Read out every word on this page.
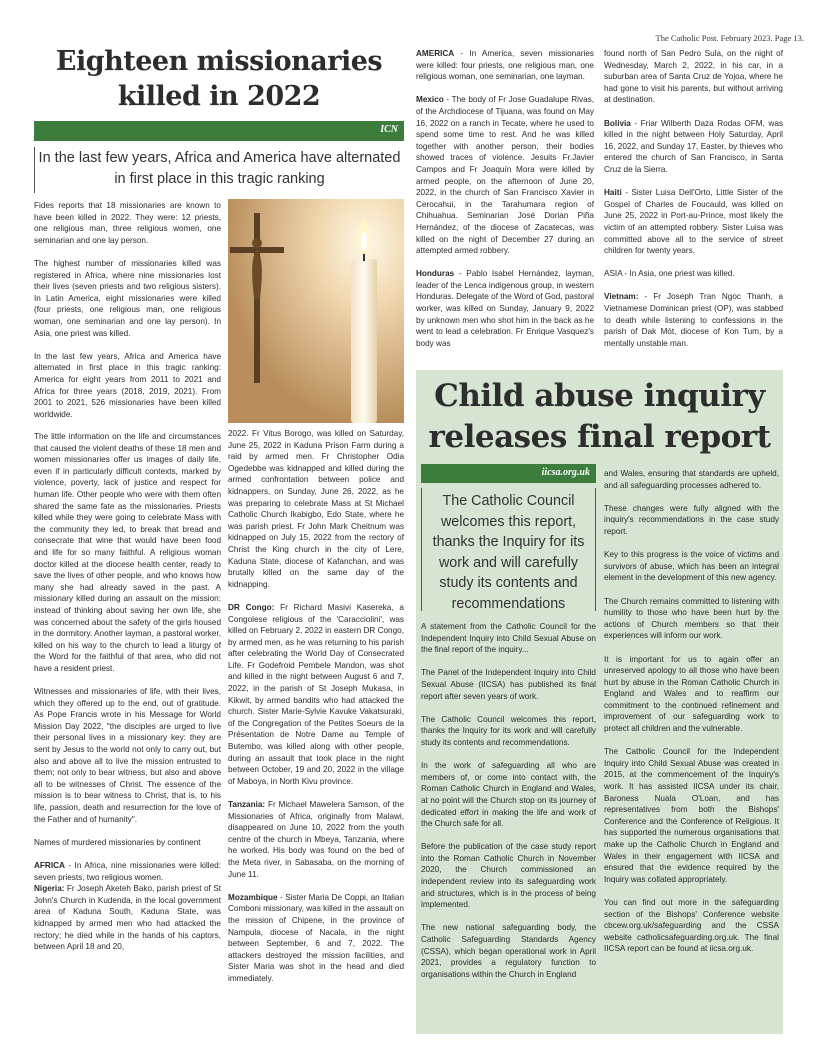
The Catholic Post. February 2023. Page 13.
Eighteen missionaries killed in 2022
ICN
In the last few years, Africa and America have alternated in first place in this tragic ranking

Fides reports that 18 missionaries are known to have been killed in 2022. They were: 12 priests, one religious man, three religious women, one seminarian and one lay person.

The highest number of missionaries killed was registered in Africa, where nine missionaries lost their lives (seven priests and two religious sisters). In Latin America, eight missionaries were killed (four priests, one religious man, one religious woman, one seminarian and one lay person). In Asia, one priest was killed.

In the last few years, Africa and America have alternated in first place in this tragic ranking: America for eight years from 2011 to 2021 and Africa for three years (2018, 2019, 2021). From 2001 to 2021, 526 missionaries have been killed worldwide.

The little information on the life and circumstances that caused the violent deaths of these 18 men and women missionaries offer us images of daily life, even if in particularly difficult contexts, marked by violence, poverty, lack of justice and respect for human life. Other people who were with them often shared the same fate as the missionaries. Priests killed while they were going to celebrate Mass with the community they led, to break that bread and consecrate that wine that would have been food and life for so many faithful. A religious woman doctor killed at the diocese health center, ready to save the lives of other people, and who knows how many she had already saved in the past. A missionary killed during an assault on the mission: instead of thinking about saving her own life, she was concerned about the safety of the girls housed in the dormitory. Another layman, a pastoral worker, killed on his way to the church to lead a liturgy of the Word for the faithful of that area, who did not have a resident priest.

Witnesses and missionaries of life, with their lives, which they offered up to the end, out of gratitude. As Pope Francis wrote in his Message for World Mission Day 2022, "the disciples are urged to live their personal lives in a missionary key: they are sent by Jesus to the world not only to carry out, but also and above all to live the mission entrusted to them; not only to bear witness, but also and above all to be witnesses of Christ. The essence of the mission is to bear witness to Christ, that is, to his life, passion, death and resurrection for the love of the Father and of humanity".

Names of murdered missionaries by continent

AFRICA - In Africa, nine missionaries were killed: seven priests, two religious women.

Nigeria: Fr Joseph Aketeh Bako, parish priest of St John's Church in Kudenda, in the local government area of Kaduna South, Kaduna State, was kidnapped by armed men who had attacked the rectory; he died while in the hands of his captors, between April 18 and 20,

2022. Fr Vitus Borogo, was killed on Saturday, June 25, 2022 in Kaduna Prison Farm during a raid by armed men. Fr Christopher Odia Ogedebbe was kidnapped and killed during the armed confrontation between police and kidnappers, on Sunday, June 26, 2022, as he was preparing to celebrate Mass at St Michael Catholic Church Ikabigbo, Edo State, where he was parish priest. Fr John Mark Cheitnum was kidnapped on July 15, 2022 from the rectory of Christ the King church in the city of Lere, Kaduna State, diocese of Kafanchan, and was brutally killed on the same day of the kidnapping.

DR Congo: Fr Richard Masivi Kasereka, a Congolese religious of the 'Caracciolini', was killed on February 2, 2022 in eastern DR Congo, by armed men, as he was returning to his parish after celebrating the World Day of Consecrated Life. Fr Godefroid Pembele Mandon, was shot and killed in the night between August 6 and 7, 2022, in the parish of St Joseph Mukasa, in Kikwit, by armed bandits who had attacked the church. Sister Marie-Sylvie Kavuke Vakatsuraki, of the Congregation of the Petites Soeurs de la Présentation de Notre Dame au Temple of Butembo, was killed along with other people, during an assault that took place in the night between October, 19 and 20, 2022 in the village of Maboya, in North Kivu province.

Tanzania: Fr Michael Mawelera Samson, of the Missionaries of Africa, originally from Malawi, disappeared on June 10, 2022 from the youth centre of the church in Mbeya, Tanzania, where he worked. His body was found on the bed of the Meta river, in Sabasaba, on the morning of June 11.

Mozambique - Sister Maria De Coppi, an Italian Comboni missionary, was killed in the assault on the mission of Chipene, in the province of Nampula, diocese of Nacala, in the night between September, 6 and 7, 2022. The attackers destroyed the mission facilities, and Sister Maria was shot in the head and died immediately.

AMERICA - In America, seven missionaries were killed: four priests, one religious man, one religious woman, one seminarian, one layman.

Mexico - The body of Fr Jose Guadalupe Rivas, of the Archdiocese of Tijuana, was found on May 16, 2022 on a ranch in Tecate, where he used to spend some time to rest. And he was killed together with another person, their bodies showed traces of violence. Jesuits Fr.Javier Campos and Fr Joaquín Mora were killed by armed people, on the afternoon of June 20, 2022, in the church of San Francisco Xavier in Cerocahui, in the Tarahumara region of Chihuahua. Seminarian José Dorian Piña Hernández, of the diocese of Zacatecas, was killed on the night of December 27 during an attempted armed robbery.

Honduras - Pablo Isabel Hernández, layman, leader of the Lenca indigenous group, in western Honduras. Delegate of the Word of God, pastoral worker, was killed on Sunday, January 9, 2022 by unknown men who shot him in the back as he went to lead a celebration. Fr Enrique Vasquez's body was

found north of San Pedro Sula, on the night of Wednesday, March 2, 2022, in his car, in a suburban area of Santa Cruz de Yojoa, where he had gone to visit his parents, but without arriving at destination.

Bolivia - Friar Wilberth Daza Rodas OFM, was killed in the night between Holy Saturday, April 16, 2022, and Sunday 17, Easter, by thieves who entered the church of San Francisco, in Santa Cruz de la Sierra.

Haiti - Sister Luisa Dell'Orto, Little Sister of the Gospel of Charles de Foucauld, was killed on June 25, 2022 in Port-au-Prince, most likely the victim of an attempted robbery. Sister Luisa was committed above all to the service of street children for twenty years.

ASIA - In Asia, one priest was killed.

Vietnam: - Fr Joseph Tran Ngoc Thanh, a Vietnamese Dominican priest (OP), was stabbed to death while listening to confessions in the parish of Dak Mót, diocese of Kon Tum, by a mentally unstable man.

Child abuse inquiry releases final report
iicsa.org.uk
The Catholic Council welcomes this report, thanks the Inquiry for its work and will carefully study its contents and recommendations

A statement from the Catholic Council for the Independent Inquiry into Child Sexual Abuse on the final report of the inquiry...

The Panel of the Independent Inquiry into Child Sexual Abuse (IICSA) has published its final report after seven years of work.

The Catholic Council welcomes this report, thanks the Inquiry for its work and will carefully study its contents and recommendations.

In the work of safeguarding all who are members of, or come into contact with, the Roman Catholic Church in England and Wales, at no point will the Church stop on its journey of dedicated effort in making the life and work of the Church safe for all.

Before the publication of the case study report into the Roman Catholic Church in November 2020, the Church commissioned an independent review into its safeguarding work and structures, which is in the process of being implemented.

The new national safeguarding body, the Catholic Safeguarding Standards Agency (CSSA), which began operational work in April 2021, provides a regulatory function to organisations within the Church in England

and Wales, ensuring that standards are upheld, and all safeguarding processes adhered to.

These changes were fully aligned with the inquiry's recommendations in the case study report.

Key to this progress is the voice of victims and survivors of abuse, which has been an integral element in the development of this new agency.

The Church remains committed to listening with humility to those who have been hurt by the actions of Church members so that their experiences will inform our work.

It is important for us to again offer an unreserved apology to all those who have been hurt by abuse in the Roman Catholic Church in England and Wales and to reaffirm our commitment to the continued refinement and improvement of our safeguarding work to protect all children and the vulnerable.

The Catholic Council for the Independent Inquiry into Child Sexual Abuse was created in 2015, at the commencement of the Inquiry's work. It has assisted IICSA under its chair, Baroness Nuala O'Loan, and has representatives from both the Bishops' Conference and the Conference of Religious. It has supported the numerous organisations that make up the Catholic Church in England and Wales in their engagement with IICSA and ensured that the evidence required by the Inquiry was collated appropriately.

You can find out more in the safeguarding section of the Bishops' Conference website cbcew.org.uk/safeguarding and the CSSA website catholicsafeguarding.org.uk. The final IICSA report can be found at iicsa.org.uk.
